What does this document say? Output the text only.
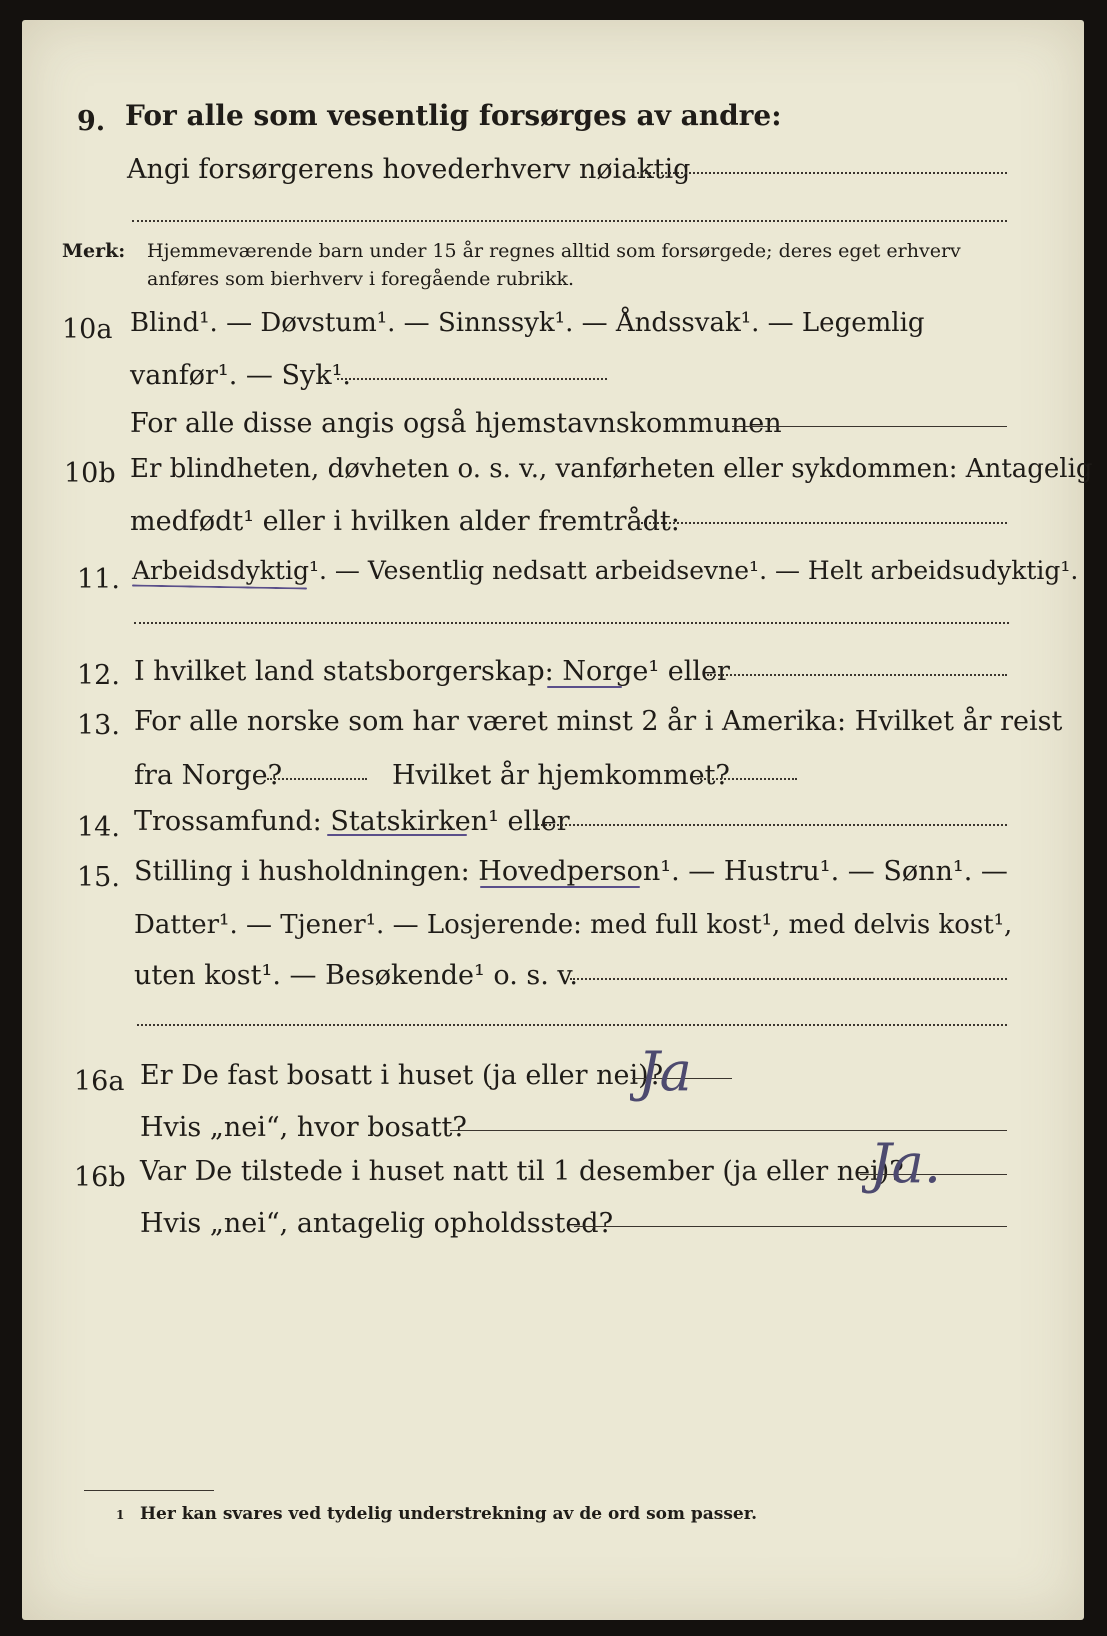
9. For alle som vesentlig forsørges av andre:
Angi forsørgerens hovederhverv nøiaktig
Merk: Hjemmeværende barn under 15 år regnes alltid som forsørgede; deres eget erhverv
anføres som bierhverv i foregående rubrikk.
10a Blind¹. — Døvstum¹. — Sinnssyk¹. — Åndssvak¹. — Legemlig
vanfør¹. — Syk¹.
For alle disse angis også hjemstavnskommunen
10b Er blindheten, døvheten o. s. v., vanførheten eller sykdommen: Antagelig
medfødt¹ eller i hvilken alder fremtrådt:
11. Arbeidsdyktig¹. — Vesentlig nedsatt arbeidsevne¹. — Helt arbeidsudyktig¹.
12. I hvilket land statsborgerskap: Norge¹ eller
13. For alle norske som har været minst 2 år i Amerika: Hvilket år reist
fra Norge?	Hvilket år hjemkommet?
14. Trossamfund: Statskirken¹ eller
15. Stilling i husholdningen: Hovedperson¹. — Hustru¹. — Sønn¹. —
Datter¹. — Tjener¹. — Losjerende: med full kost¹, med delvis kost¹,
uten kost¹. — Besøkende¹ o. s. v.
16a Er De fast bosatt i huset (ja eller nei)?
Ja
Hvis „nei“, hvor bosatt?
16b Var De tilstede i huset natt til 1 desember (ja eller nei)?
Ja.
Hvis „nei“, antagelig opholdssted?
1 Her kan svares ved tydelig understrekning av de ord som passer.
